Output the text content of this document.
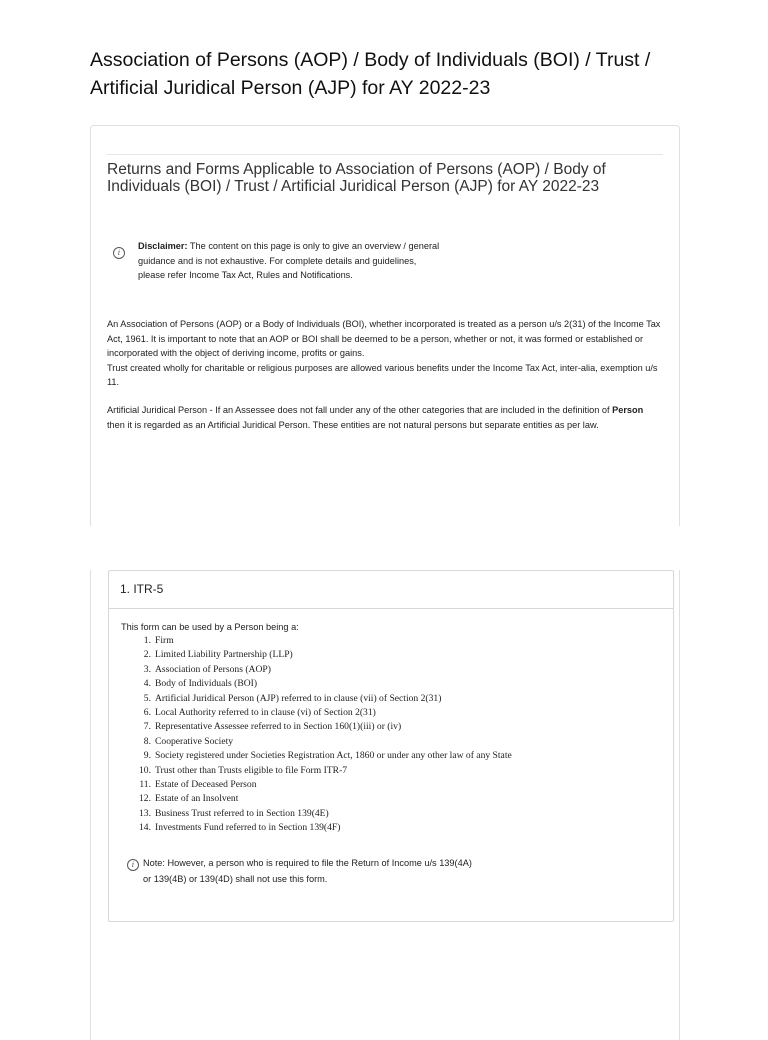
Association of Persons (AOP) / Body of Individuals (BOI) / Trust / Artificial Juridical Person (AJP) for AY 2022-23
Returns and Forms Applicable to Association of Persons (AOP) / Body of Individuals (BOI) / Trust / Artificial Juridical Person (AJP) for AY 2022-23
i
Disclaimer: The content on this page is only to give an overview / general guidance and is not exhaustive. For complete details and guidelines, please refer Income Tax Act, Rules and Notifications.

An Association of Persons (AOP) or a Body of Individuals (BOI), whether incorporated is treated as a person u/s 2(31) of the Income Tax Act, 1961. It is important to note that an AOP or BOI shall be deemed to be a person, whether or not, it was formed or established or incorporated with the object of deriving income, profits or gains.
Trust created wholly for charitable or religious purposes are allowed various benefits under the Income Tax Act, inter-alia, exemption u/s 11.

Artificial Juridical Person - If an Assessee does not fall under any of the other categories that are included in the definition of Person then it is regarded as an Artificial Juridical Person. These entities are not natural persons but separate entities as per law.

1. ITR-5
This form can be used by a Person being a:
1. Firm
2. Limited Liability Partnership (LLP)
3. Association of Persons (AOP)
4. Body of Individuals (BOI)
5. Artificial Juridical Person (AJP) referred to in clause (vii) of Section 2(31)
6. Local Authority referred to in clause (vi) of Section 2(31)
7. Representative Assessee referred to in Section 160(1)(iii) or (iv)
8. Cooperative Society
9. Society registered under Societies Registration Act, 1860 or under any other law of any State
10. Trust other than Trusts eligible to file Form ITR-7
11. Estate of Deceased Person
12. Estate of an Insolvent
13. Business Trust referred to in Section 139(4E)
14. Investments Fund referred to in Section 139(4F)
i Note: However, a person who is required to file the Return of Income u/s 139(4A) or 139(4B) or 139(4D) shall not use this form.
